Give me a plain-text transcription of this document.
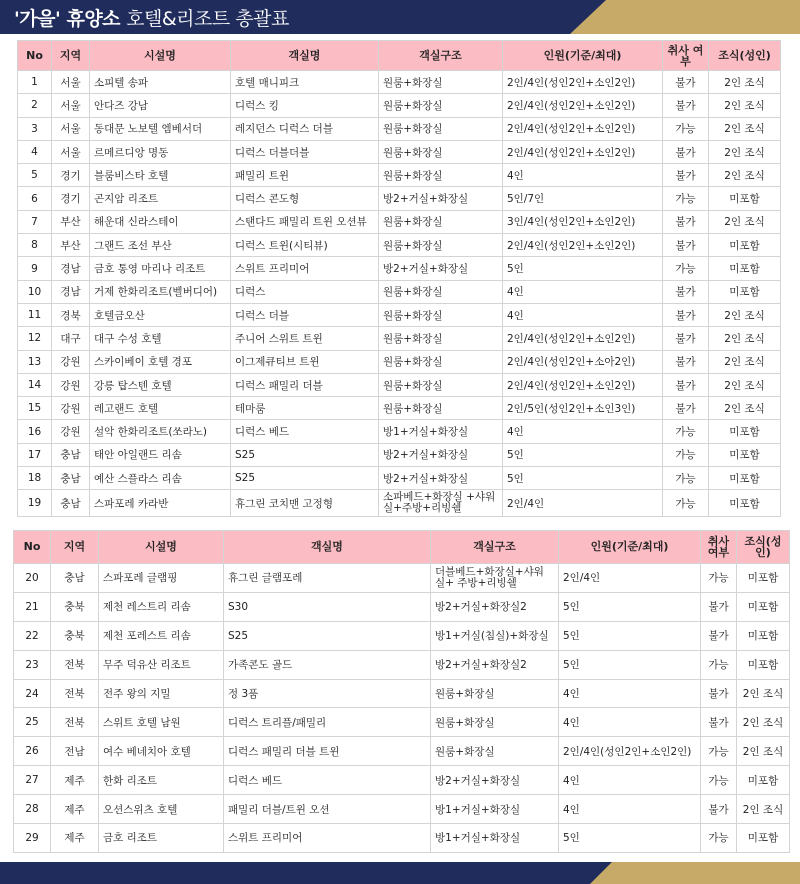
'가을' 휴양소 호텔&리조트 총괄표
No	지역	시설명	객실명	객실구조	인원(기준/최대)	취사 여부	조식(성인)
1	서울	소피텔 송파	호텔 매니피크	원룸+화장실	2인/4인(성인2인+소인2인)	불가	2인 조식
2	서울	안다즈 강남	디럭스 킹	원룸+화장실	2인/4인(성인2인+소인2인)	불가	2인 조식
3	서울	동대문 노보텔 엠베서더	레지던스 디럭스 더블	원룸+화장실	2인/4인(성인2인+소인2인)	가능	2인 조식
4	서울	르메르디앙 명동	디럭스 더블더블	원룸+화장실	2인/4인(성인2인+소인2인)	불가	2인 조식
5	경기	블룸비스타 호텔	패밀리 트윈	원룸+화장실	4인	불가	2인 조식
6	경기	곤지암 리조트	디럭스 콘도형	방2+거실+화장실	5인/7인	가능	미포함
7	부산	해운대 신라스테이	스탠다드 패밀리 트윈 오션뷰	원룸+화장실	3인/4인(성인2인+소인2인)	불가	2인 조식
8	부산	그랜드 조선 부산	디럭스 트윈(시티뷰)	원룸+화장실	2인/4인(성인2인+소인2인)	불가	미포함
9	경남	금호 통영 마리나 리조트	스위트 프리미어	방2+거실+화장실	5인	가능	미포함
10	경남	거제 한화리조트(벨버디어)	디럭스	원룸+화장실	4인	불가	미포함
11	경북	호텔금오산	디럭스 더블	원룸+화장실	4인	불가	2인 조식
12	대구	대구 수성 호텔	주니어 스위트 트윈	원룸+화장실	2인/4인(성인2인+소인2인)	불가	2인 조식
13	강원	스카이베이 호텔 경포	이그제큐티브 트윈	원룸+화장실	2인/4인(성인2인+소아2인)	불가	2인 조식
14	강원	강릉 탑스텐 호텔	디럭스 패밀리 더블	원룸+화장실	2인/4인(성인2인+소인2인)	불가	2인 조식
15	강원	레고랜드 호텔	테마룸	원룸+화장실	2인/5인(성인2인+소인3인)	불가	2인 조식
16	강원	설악 한화리조트(쏘라노)	디럭스 베드	방1+거실+화장실	4인	가능	미포함
17	충남	태안 아일랜드 리솜	S25	방2+거실+화장실	5인	가능	미포함
18	충남	예산 스플라스 리솜	S25	방2+거실+화장실	5인	가능	미포함
19	충남	스파포레 카라반	휴그린 코치맨 고정형	소파베드+화장실 +샤워실+주방+리빙쉘	2인/4인	가능	미포함
No	지역	시설명	객실명	객실구조	인원(기준/최대)	취사 여부	조식(성인)
20	충남	스파포레 글램핑	휴그린 글램포레	더블베드+화장실+샤워실+ 주방+리빙쉘	2인/4인	가능	미포함
21	충북	제천 레스트리 리솜	S30	방2+거실+화장실2	5인	불가	미포함
22	충북	제천 포레스트 리솜	S25	방1+거실(침실)+화장실	5인	불가	미포함
23	전북	무주 덕유산 리조트	가족콘도 골드	방2+거실+화장실2	5인	가능	미포함
24	전북	전주 왕의 지밀	정 3품	원룸+화장실	4인	불가	2인 조식
25	전북	스위트 호텔 남원	디럭스 트리플/패밀리	원룸+화장실	4인	불가	2인 조식
26	전남	여수 베네치아 호텔	디럭스 패밀리 더블 트윈	원룸+화장실	2인/4인(성인2인+소인2인)	가능	2인 조식
27	제주	한화 리조트	디럭스 베드	방2+거실+화장실	4인	가능	미포함
28	제주	오션스위츠 호텔	패밀리 더블/트윈 오션	방1+거실+화장실	4인	불가	2인 조식
29	제주	금호 리조트	스위트 프리미어	방1+거실+화장실	5인	가능	미포함
